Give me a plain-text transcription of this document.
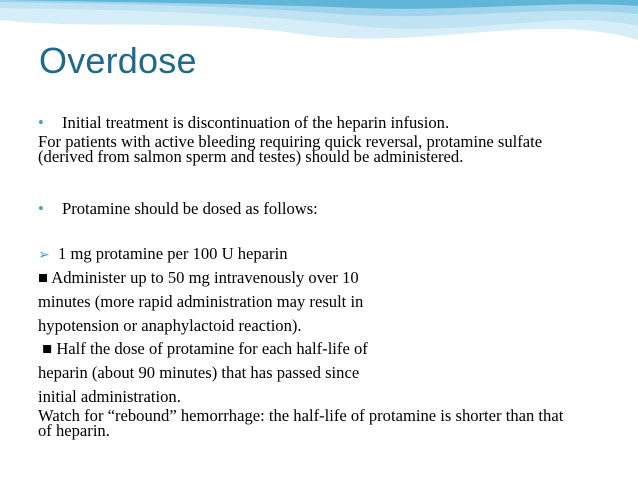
Overdose
• Initial treatment is discontinuation of the heparin infusion.
For patients with active bleeding requiring quick reversal, protamine sulfate (derived from salmon sperm and testes) should be administered.
• Protamine should be dosed as follows:
➢ 1 mg protamine per 100 U heparin
■ Administer up to 50 mg intravenously over 10
minutes (more rapid administration may result in
hypotension or anaphylactoid reaction).
■ Half the dose of protamine for each half-life of
heparin (about 90 minutes) that has passed since
initial administration.
Watch for “rebound” hemorrhage: the half-life of protamine is shorter than that of heparin.
